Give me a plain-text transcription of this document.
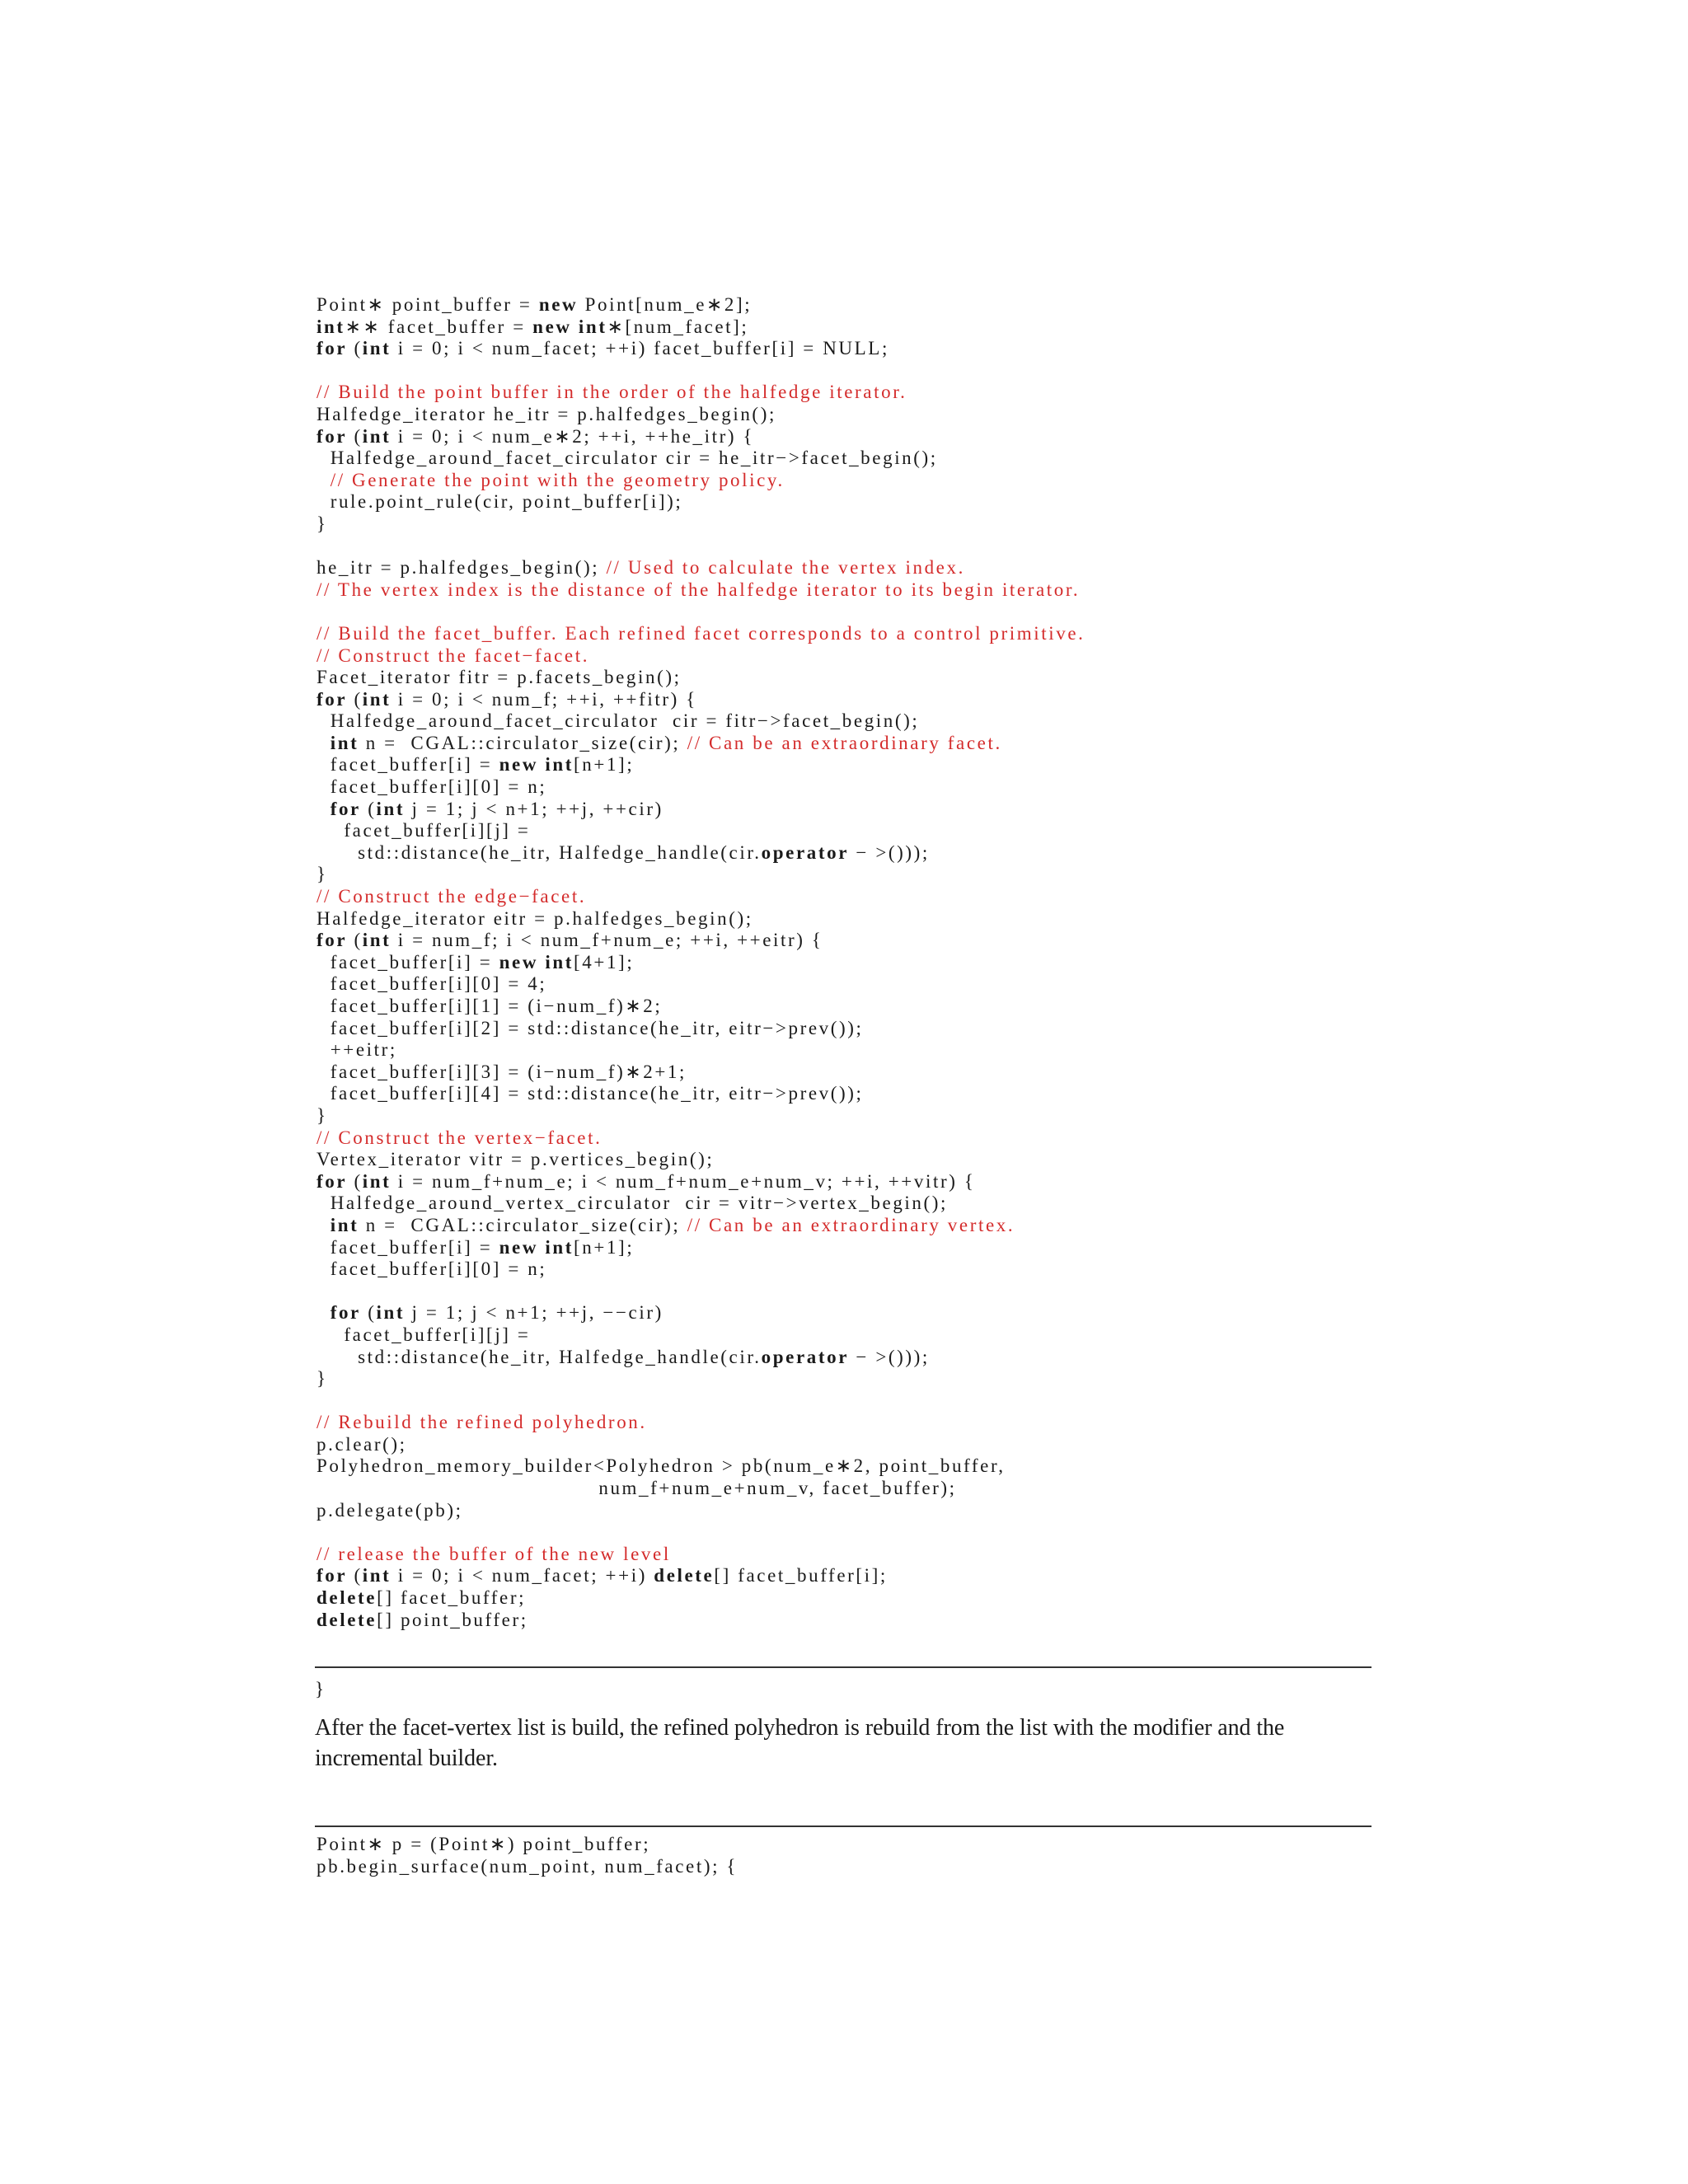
Point∗ point_buffer = new Point[num_e∗2];
int∗∗ facet_buffer = new int∗[num_facet];
for (int i = 0; i < num_facet; ++i) facet_buffer[i] = NULL;
// Build the point buffer in the order of the halfedge iterator.
Halfedge_iterator he_itr = p.halfedges_begin();
for (int i = 0; i < num_e∗2; ++i, ++he_itr) {
Halfedge_around_facet_circulator cir = he_itr−>facet_begin();
// Generate the point with the geometry policy.
rule.point_rule(cir, point_buffer[i]);
}
he_itr = p.halfedges_begin(); // Used to calculate the vertex index.
// The vertex index is the distance of the halfedge iterator to its begin iterator.
// Build the facet_buffer. Each refined facet corresponds to a control primitive.
// Construct the facet−facet.
Facet_iterator fitr = p.facets_begin();
for (int i = 0; i < num_f; ++i, ++fitr) {
Halfedge_around_facet_circulator  cir = fitr−>facet_begin();
int n =  CGAL::circulator_size(cir); // Can be an extraordinary facet.
facet_buffer[i] = new int[n+1];
facet_buffer[i][0] = n;
for (int j = 1; j < n+1; ++j, ++cir)
facet_buffer[i][j] =
std::distance(he_itr, Halfedge_handle(cir.operator − >()));
}
// Construct the edge−facet.
Halfedge_iterator eitr = p.halfedges_begin();
for (int i = num_f; i < num_f+num_e; ++i, ++eitr) {
facet_buffer[i] = new int[4+1];
facet_buffer[i][0] = 4;
facet_buffer[i][1] = (i−num_f)∗2;
facet_buffer[i][2] = std::distance(he_itr, eitr−>prev());
++eitr;
facet_buffer[i][3] = (i−num_f)∗2+1;
facet_buffer[i][4] = std::distance(he_itr, eitr−>prev());
}
// Construct the vertex−facet.
Vertex_iterator vitr = p.vertices_begin();
for (int i = num_f+num_e; i < num_f+num_e+num_v; ++i, ++vitr) {
Halfedge_around_vertex_circulator  cir = vitr−>vertex_begin();
int n =  CGAL::circulator_size(cir); // Can be an extraordinary vertex.
facet_buffer[i] = new int[n+1];
facet_buffer[i][0] = n;
for (int j = 1; j < n+1; ++j, −−cir)
facet_buffer[i][j] =
std::distance(he_itr, Halfedge_handle(cir.operator − >()));
}
// Rebuild the refined polyhedron.
p.clear();
Polyhedron_memory_builder<Polyhedron > pb(num_e∗2, point_buffer,
num_f+num_e+num_v, facet_buffer);
p.delegate(pb);
// release the buffer of the new level
for (int i = 0; i < num_facet; ++i) delete[] facet_buffer[i];
delete[] facet_buffer;
delete[] point_buffer;

}

After the facet-vertex list is build, the refined polyhedron is rebuild from the list with the modifier and the incremental builder.
Point∗ p = (Point∗) point_buffer;
pb.begin_surface(num_point, num_facet); {
